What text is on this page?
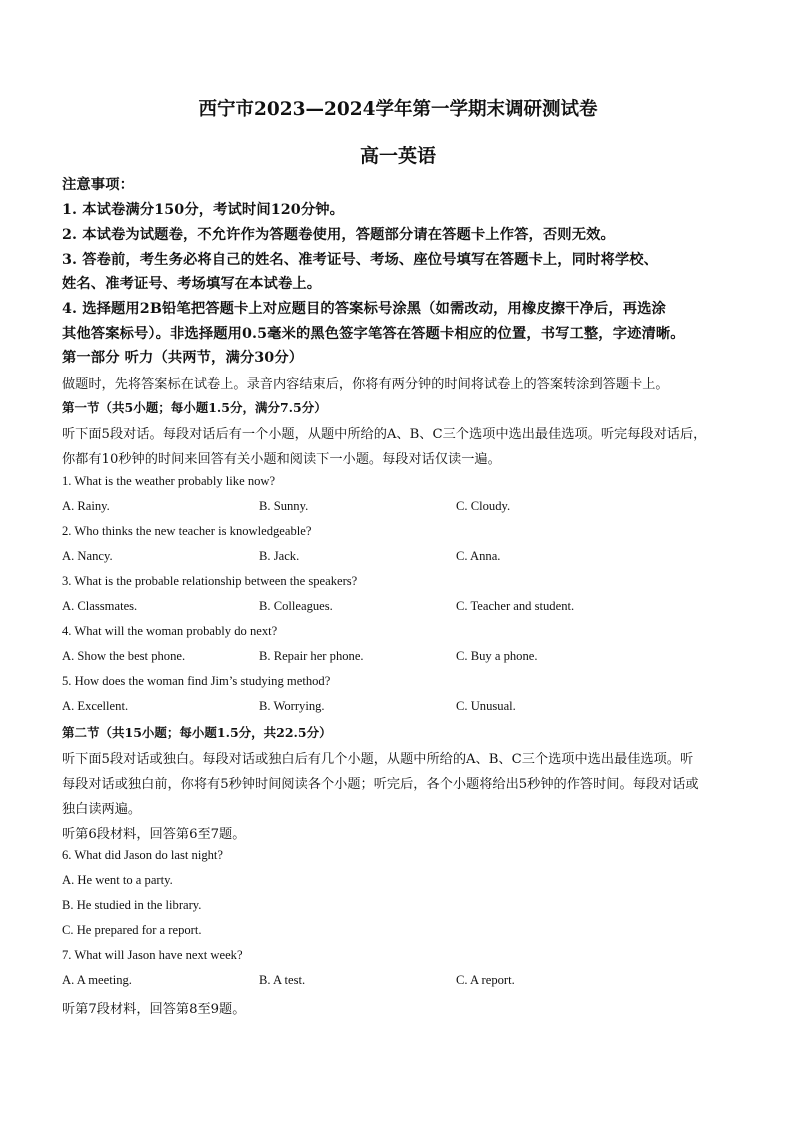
西宁市2023—2024学年第一学期末调研测试卷
高一英语
注意事项：
1. 本试卷满分150分，考试时间120分钟。
2. 本试卷为试题卷，不允许作为答题卷使用，答题部分请在答题卡上作答，否则无效。
3. 答卷前，考生务必将自己的姓名、准考证号、考场、座位号填写在答题卡上，同时将学校、
姓名、准考证号、考场填写在本试卷上。
4. 选择题用2B铅笔把答题卡上对应题目的答案标号涂黑（如需改动，用橡皮擦干净后，再选涂
其他答案标号）。非选择题用0.5毫米的黑色签字笔答在答题卡相应的位置，书写工整，字迹清晰。
第一部分 听力（共两节，满分30分）
做题时，先将答案标在试卷上。录音内容结束后，你将有两分钟的时间将试卷上的答案转涂到答题卡上。
第一节（共5小题；每小题1.5分，满分7.5分）
听下面5段对话。每段对话后有一个小题，从题中所给的A、B、C三个选项中选出最佳选项。听完每段对话后，
你都有10秒钟的时间来回答有关小题和阅读下一小题。每段对话仅读一遍。
1. What is the weather probably like now?
A. Rainy.	B. Sunny.	C. Cloudy.
2. Who thinks the new teacher is knowledgeable?
A. Nancy.	B. Jack.	C. Anna.
3. What is the probable relationship between the speakers?
A. Classmates.	B. Colleagues.	C. Teacher and student.
4. What will the woman probably do next?
A. Show the best phone.	B. Repair her phone.	C. Buy a phone.
5. How does the woman find Jim’s studying method?
A. Excellent.	B. Worrying.	C. Unusual.
第二节（共15小题；每小题1.5分，共22.5分）
听下面5段对话或独白。每段对话或独白后有几个小题，从题中所给的A、B、C三个选项中选出最佳选项。听
每段对话或独白前，你将有5秒钟时间阅读各个小题；听完后，各个小题将给出5秒钟的作答时间。每段对话或
独白读两遍。
听第6段材料，回答第6至7题。
6. What did Jason do last night?
A. He went to a party.
B. He studied in the library.
C. He prepared for a report.
7. What will Jason have next week?
A. A meeting.	B. A test.	C. A report.
听第7段材料，回答第8至9题。
